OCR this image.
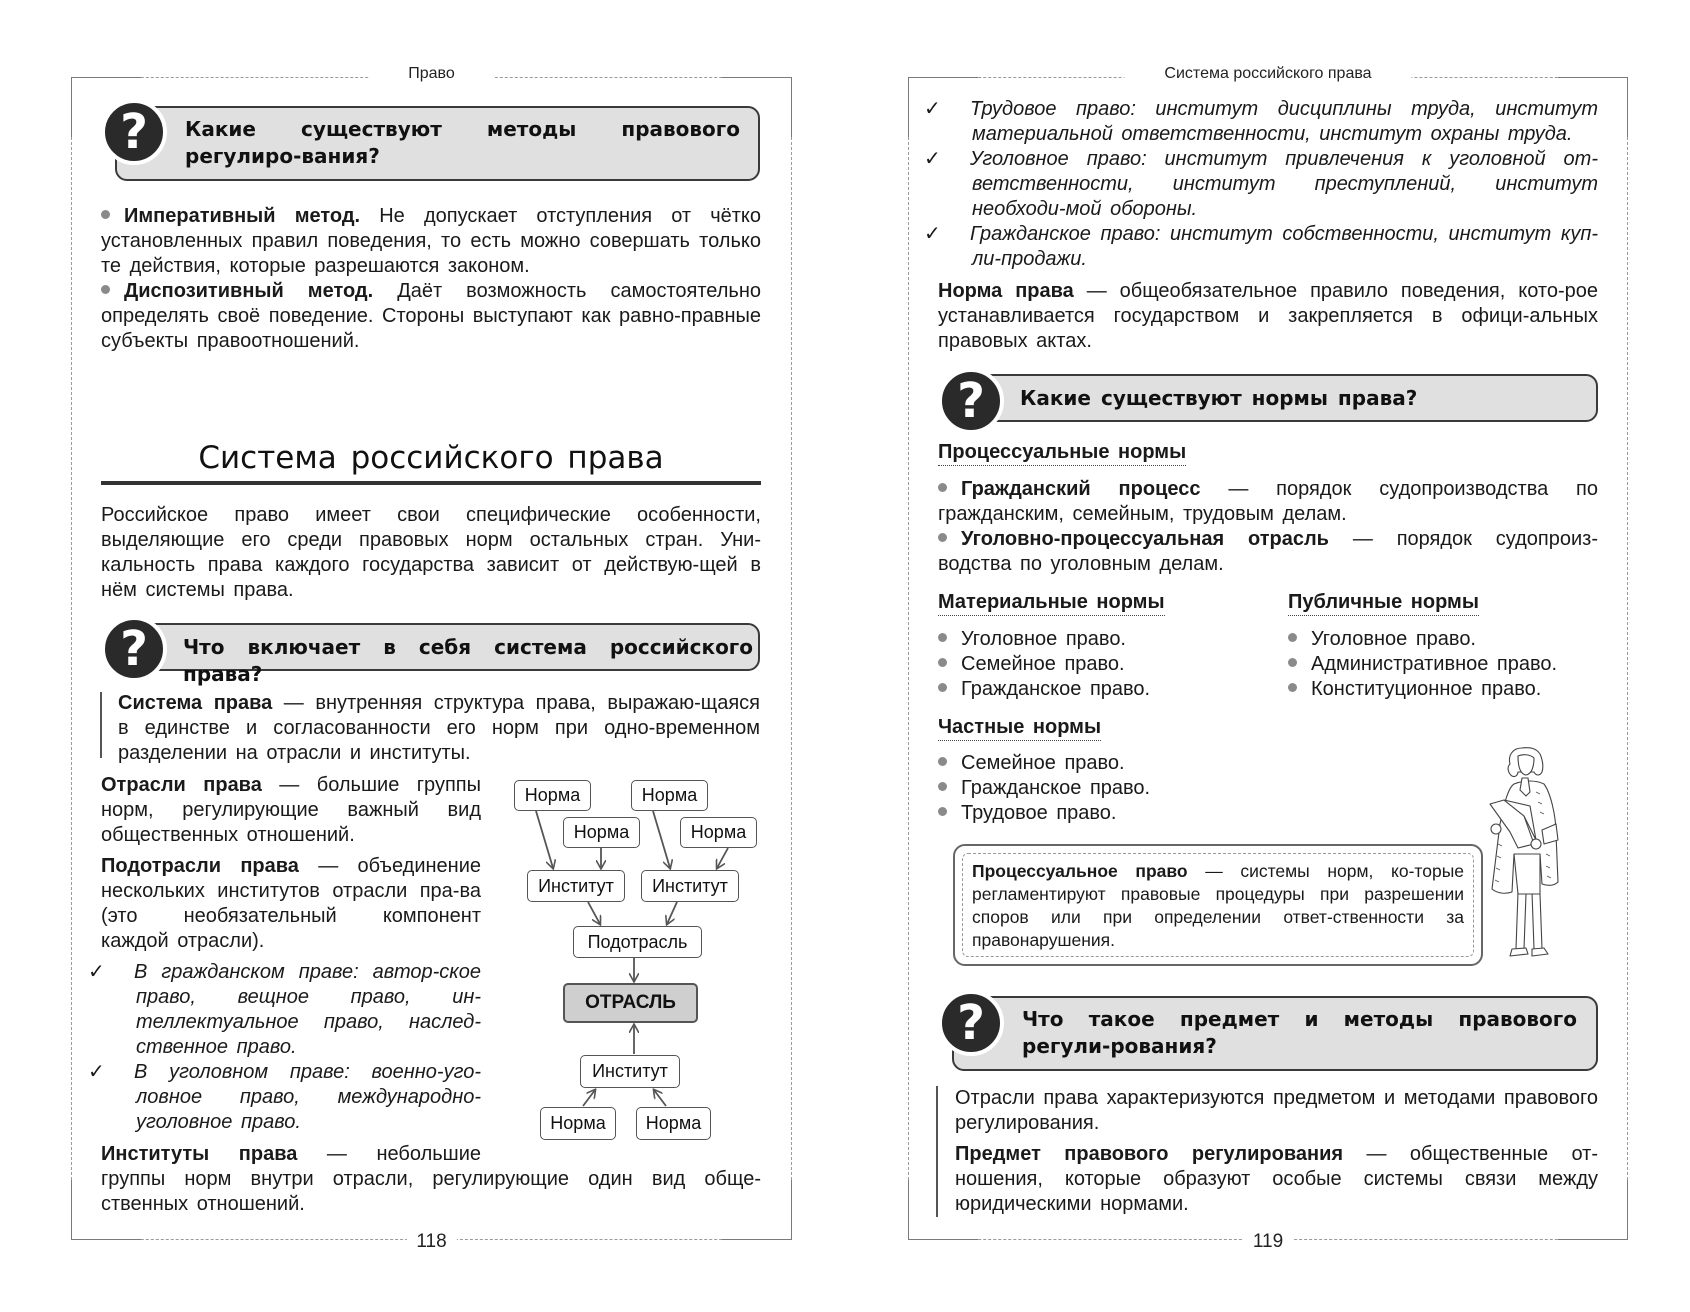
Право
118
Какие существуют методы правового регулиро-вания?
?
Императивный метод. Не допускает отступления от чётко установленных правил поведения, то есть можно совершать только те действия, которые разрешаются законом.
Диспозитивный метод. Даёт возможность самостоятельно определять своё поведение. Стороны выступают как равно-правные субъекты правоотношений.
Система российского права
Российское право имеет свои специфические особенности, выделяющие его среди правовых норм остальных стран. Уни-кальность права каждого государства зависит от действую-щей в нём системы права.
Что включает в себя система российского права?
?
Система права — внутренняя структура права, выражаю-щаяся в единстве и согласованности его норм при одно-временном разделении на отрасли и институты.
Отрасли права — большие группы норм, регулирующие важный вид общественных отношений.
Подотрасли права — объединение нескольких институтов отрасли пра-ва (это необязательный компонент каждой отрасли).
✓ В гражданском праве: автор-ское право, вещное право, ин-теллектуальное право, наслед-ственное право.
✓ В уголовном праве: военно-уго-ловное право, международно-уголовное право.
Институты права — небольшие
группы норм внутри отрасли, регулирующие один вид обще-ственных отношений.
Норма
Норма
Норма
Норма
Институт	Институт
Подотрасль
ОТРАСЛЬ
Институт
Норма	Норма
Система российского права
119
✓ Трудовое право: институт дисциплины труда, институт материальной ответственности, институт охраны труда.
✓ Уголовное право: институт привлечения к уголовной от-ветственности, институт преступлений, институт необходи-мой обороны.
✓ Гражданское право: институт собственности, институт куп-ли-продажи.
Норма права — общеобязательное правило поведения, кото-рое устанавливается государством и закрепляется в офици-альных правовых актах.
Какие существуют нормы права?
?
Процессуальные нормы
Гражданский процесс — порядок судопроизводства по гражданским, семейным, трудовым делам.
Уголовно-процессуальная отрасль — порядок судопроиз-водства по уголовным делам.
Материальные нормы
Уголовное право.
Семейное право.
Гражданское право.
Публичные нормы
Уголовное право.
Административное право.
Конституционное право.
Частные нормы
Семейное право.
Гражданское право.
Трудовое право.
Процессуальное право — системы норм, ко-торые регламентируют правовые процедуры при разрешении споров или при определении ответ-ственности за правонарушения.
Что такое предмет и методы правового регули-рования?
?
Отрасли права характеризуются предметом и методами правового регулирования.
Предмет правового регулирования — общественные от-ношения, которые образуют особые системы связи между юридическими нормами.
